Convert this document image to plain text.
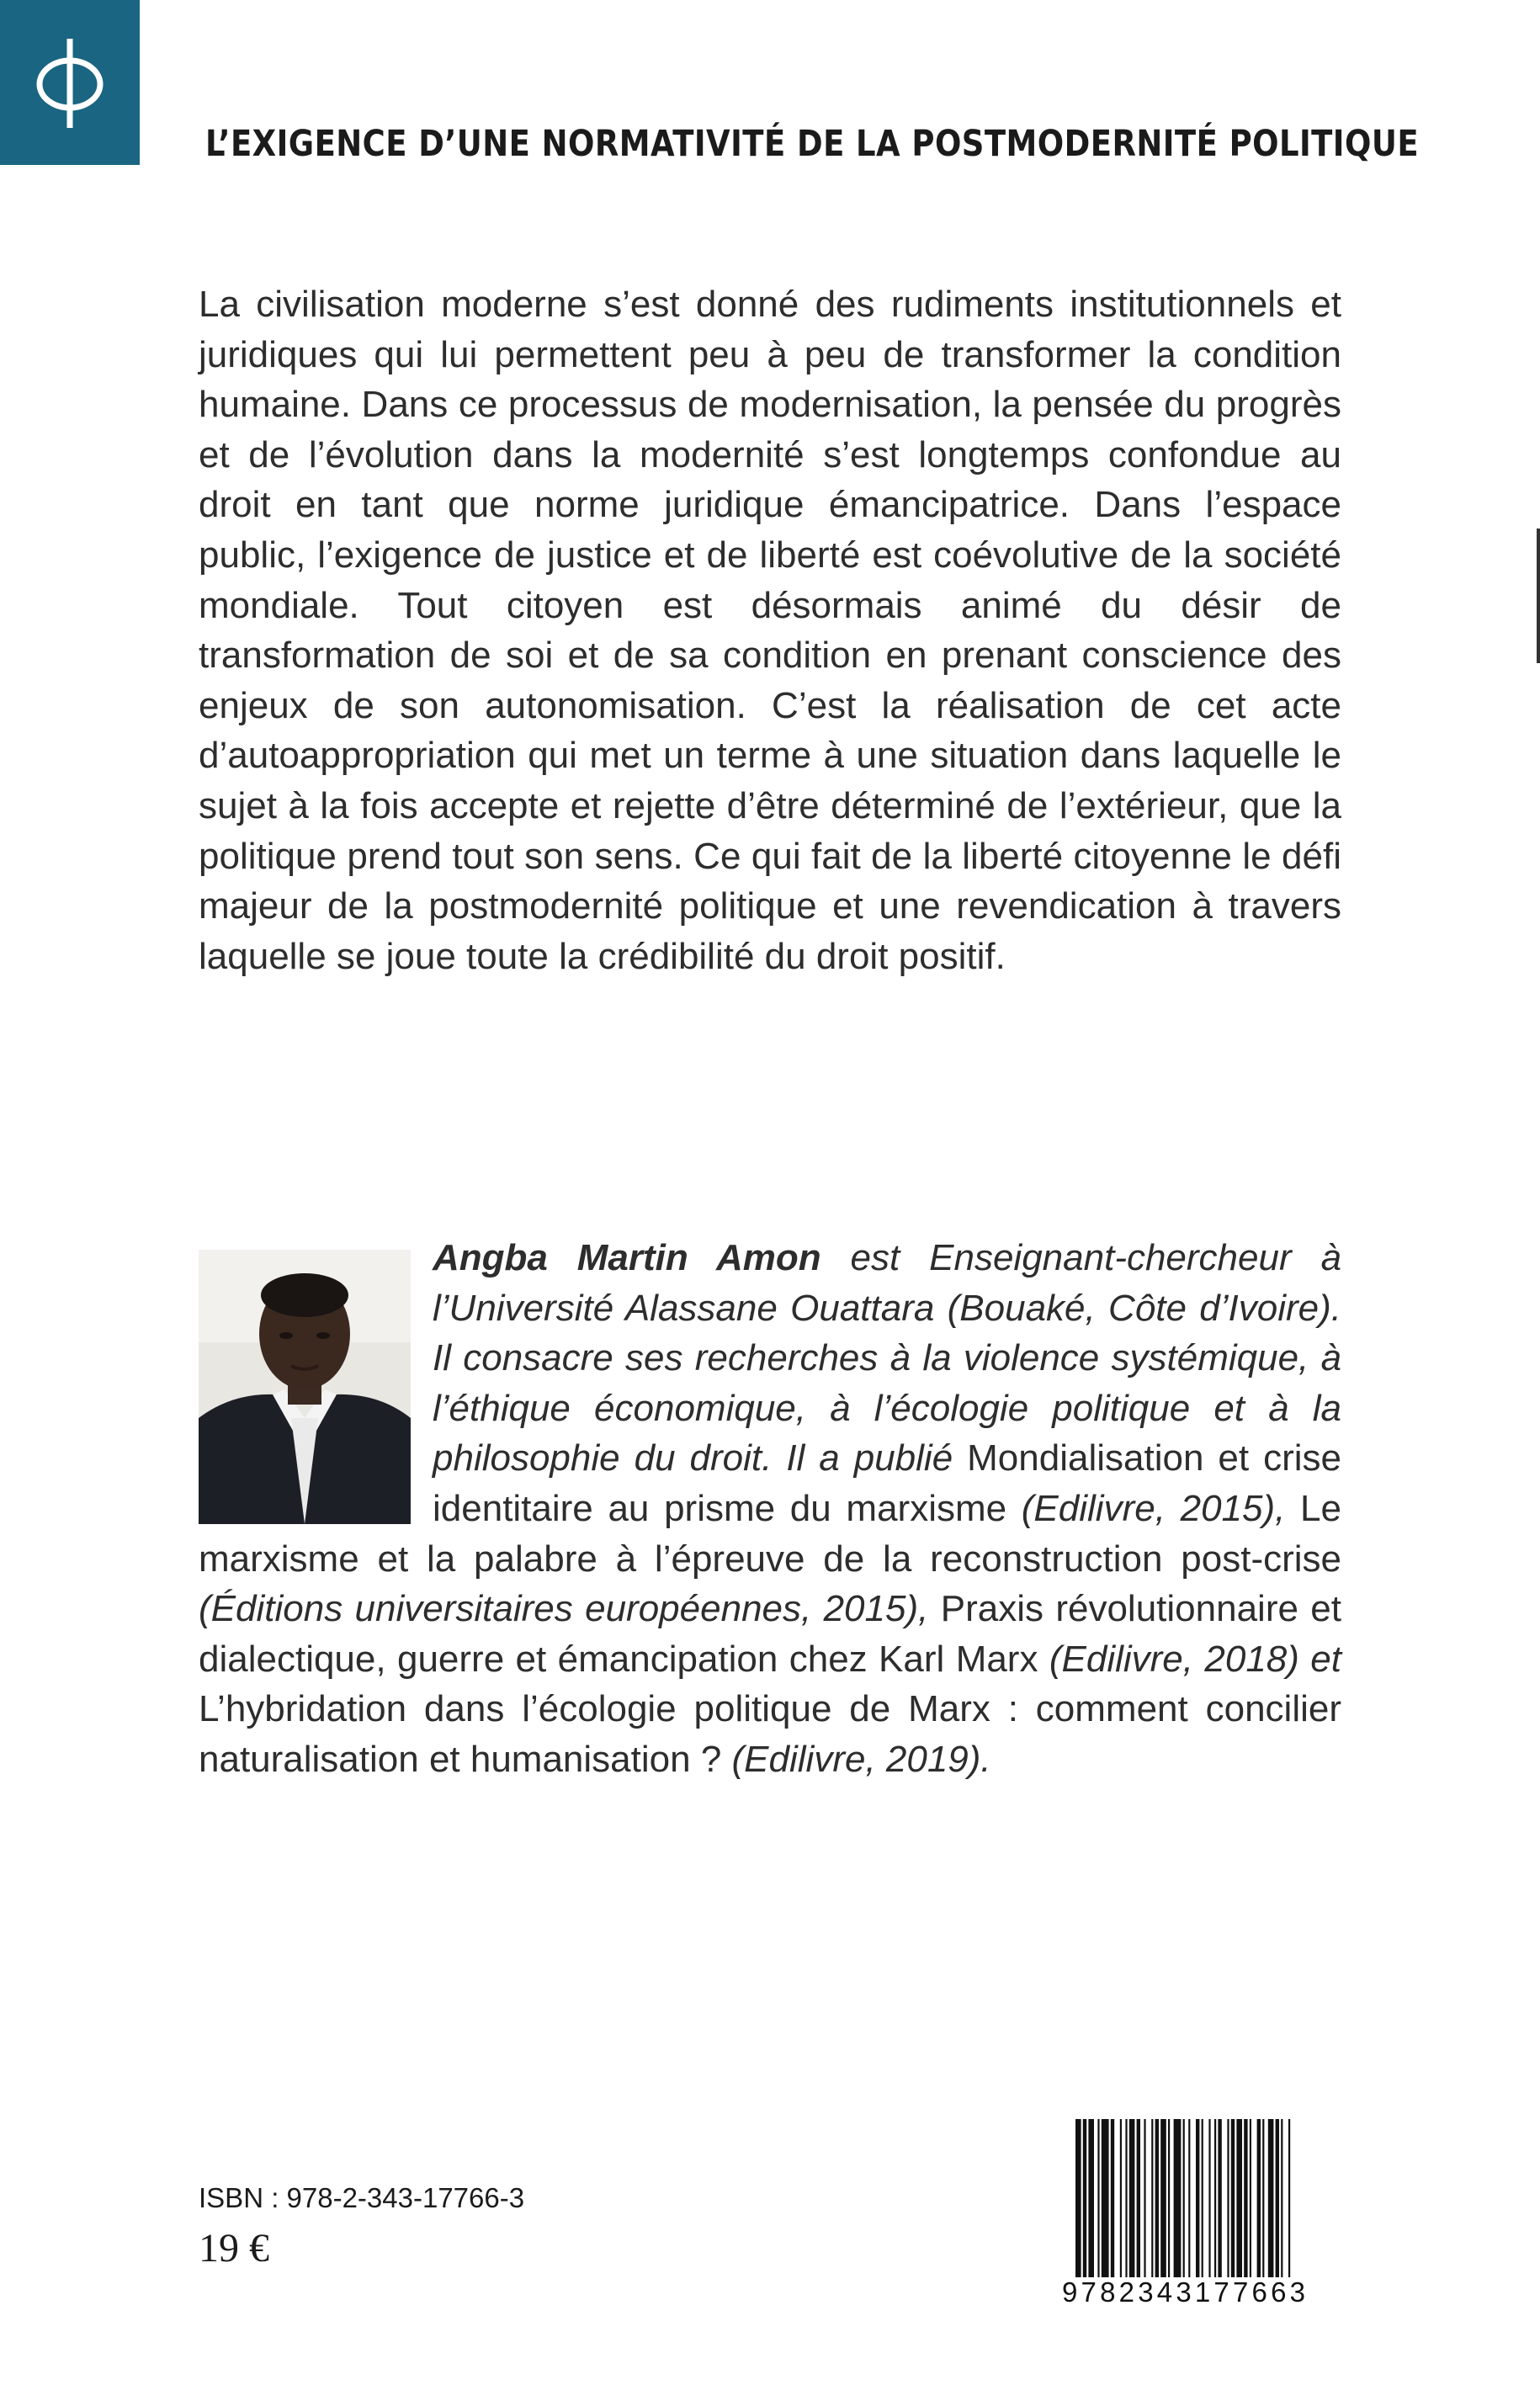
L’EXIGENCE D’UNE NORMATIVITÉ DE LA POSTMODERNITÉ POLITIQUE

La civilisation moderne s’est donné des rudiments institutionnels et juridiques qui lui permettent peu à peu de transformer la condition humaine. Dans ce processus de modernisation, la pensée du progrès et de l’évolution dans la modernité s’est longtemps confondue au droit en tant que norme juridique émancipatrice. Dans l’espace public, l’exigence de justice et de liberté est coévolutive de la société mondiale. Tout citoyen est désormais animé du désir de transformation de soi et de sa condition en prenant conscience des enjeux de son autonomisation. C’est la réalisation de cet acte d’autoappropriation qui met un terme à une situation dans laquelle le sujet à la fois accepte et rejette d’être déterminé de l’extérieur, que la politique prend tout son sens. Ce qui fait de la liberté citoyenne le défi majeur de la postmodernité politique et une revendication à travers laquelle se joue toute la crédibilité du droit positif.

Angba Martin Amon est Enseignant-chercheur à l’Université Alassane Ouattara (Bouaké, Côte d’Ivoire). Il consacre ses recherches à la violence systémique, à l’éthique économique, à l’écologie politique et à la philosophie du droit. Il a publié Mondialisation et crise identitaire au prisme du marxisme (Edilivre, 2015), Le marxisme et la palabre à l’épreuve de la reconstruction post-crise (Éditions universitaires européennes, 2015), Praxis révolutionnaire et dialectique, guerre et émancipation chez Karl Marx (Edilivre, 2018) et L’hybridation dans l’écologie politique de Marx : comment concilier naturalisation et humanisation ? (Edilivre, 2019).

ISBN : 978-2-343-17766-3
19 €
9782343177663
